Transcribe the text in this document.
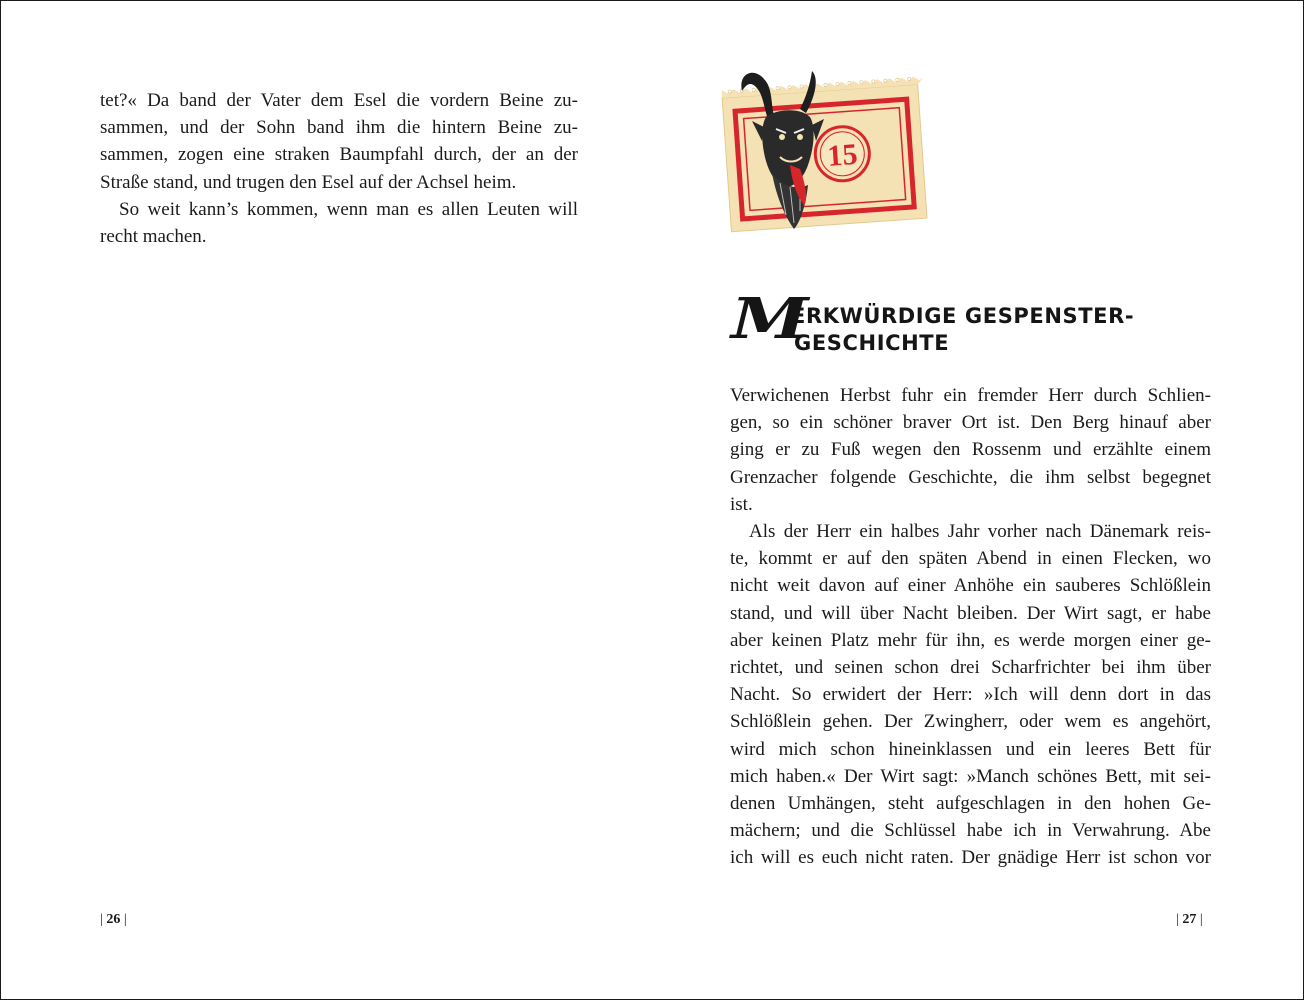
tet?« Da band der Vater dem Esel die vordern Beine zu-
sammen, und der Sohn band ihm die hintern Beine zu-
sammen, zogen eine straken Baumpfahl durch, der an der
Straße stand, und trugen den Esel auf der Achsel heim.
So weit kann’s kommen, wenn man es allen Leuten will
recht machen.
| 26 |
15
M
ERKWÜRDIGE GESPENSTER-
GESCHICHTE
Verwichenen Herbst fuhr ein fremder Herr durch Schlien-
gen, so ein schöner braver Ort ist. Den Berg hinauf aber
ging er zu Fuß wegen den Rossenm und erzählte einem
Grenzacher folgende Geschichte, die ihm selbst begegnet
ist.
Als der Herr ein halbes Jahr vorher nach Dänemark reis-
te, kommt er auf den späten Abend in einen Flecken, wo
nicht weit davon auf einer Anhöhe ein sauberes Schlößlein
stand, und will über Nacht bleiben. Der Wirt sagt, er habe
aber keinen Platz mehr für ihn, es werde morgen einer ge-
richtet, und seinen schon drei Scharfrichter bei ihm über
Nacht. So erwidert der Herr: »Ich will denn dort in das
Schlößlein gehen. Der Zwingherr, oder wem es angehört,
wird mich schon hineinklassen und ein leeres Bett für
mich haben.« Der Wirt sagt: »Manch schönes Bett, mit sei-
denen Umhängen, steht aufgeschlagen in den hohen Ge-
mächern; und die Schlüssel habe ich in Verwahrung. Abe
ich will es euch nicht raten. Der gnädige Herr ist schon vor
| 27 |
